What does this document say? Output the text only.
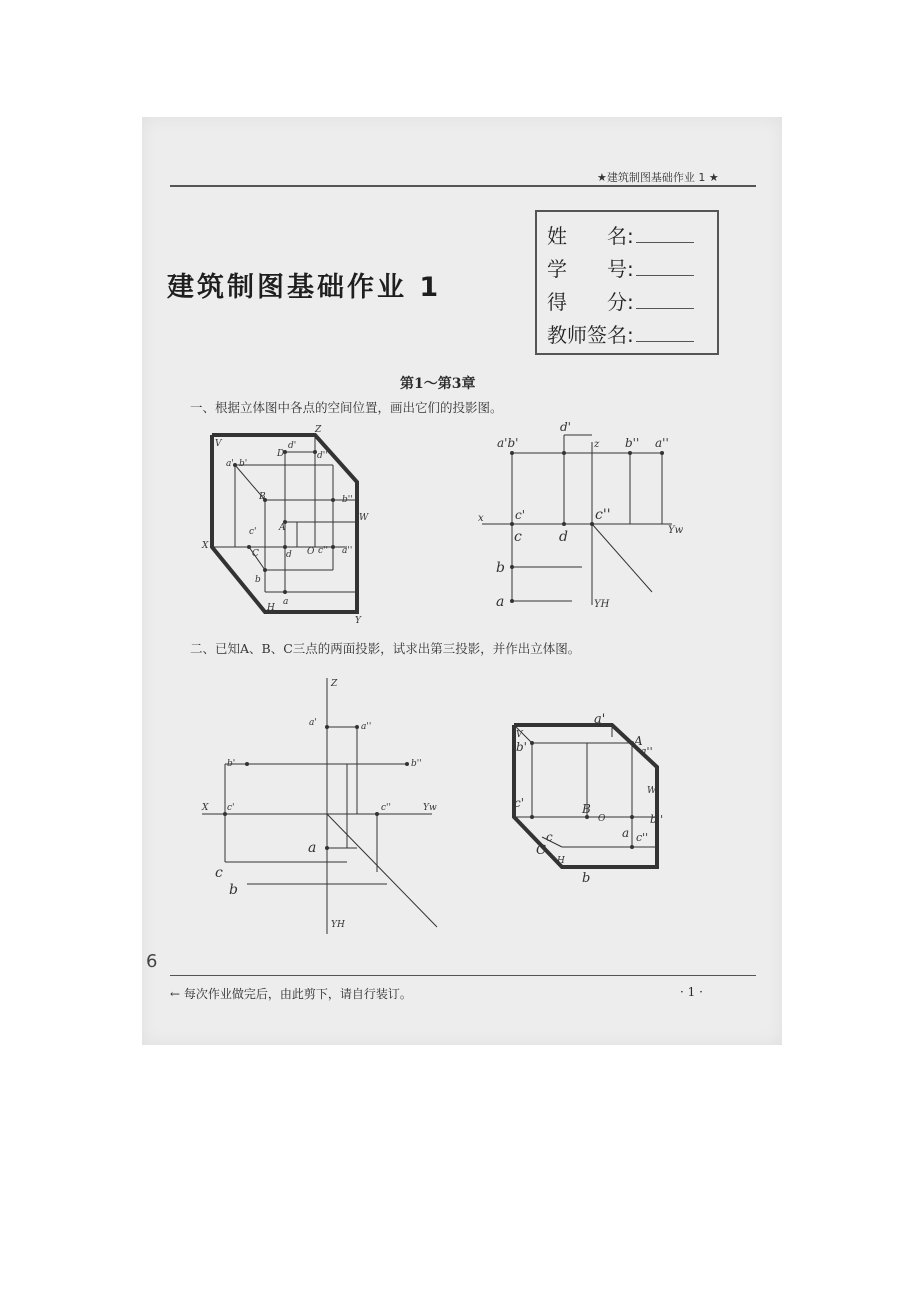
★建筑制图基础作业 1 ★
建筑制图基础作业 1
姓　　名:
学　　号:
得　　分:
教师签名:
第1～第3章
一、根据立体图中各点的空间位置，画出它们的投影图。
二、已知A、B、C三点的两面投影，试求出第三投影，并作出立体图。
V
Z
X
Y
H
W
O
D
d'
d''
a' b'
B	b''
c' A
C	d	c'' a''
b
a
x
z
Yw
YH
a'b'
d'
b'' a''
c'
c	d
c''
b
a
Z
X	Yw
YH
a'	a''
b'	b''
c'	c''
a
c
b
V
W
O
H
a'
A
a''
b'
c'	B
a
b''
c''
C
c
b
6
← 每次作业做完后，由此剪下，请自行装订。	· 1 ·
